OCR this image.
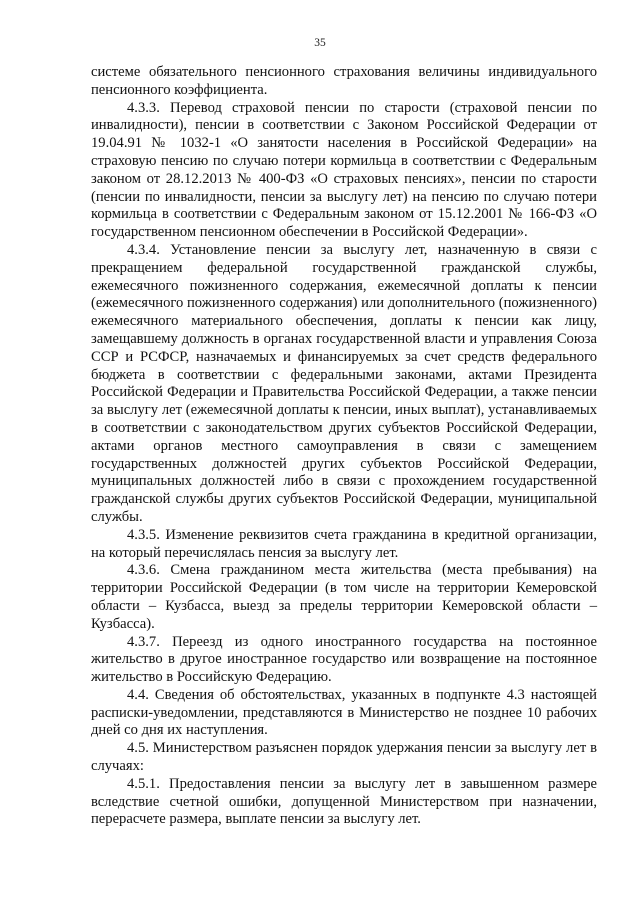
35

системе обязательного пенсионного страхования величины индивидуального пенсионного коэффициента.

4.3.3. Перевод страховой пенсии по старости (страховой пенсии по инвалидности), пенсии в соответствии с Законом Российской Федерации от 19.04.91 № 1032-1 «О занятости населения в Российской Федерации» на страховую пенсию по случаю потери кормильца в соответствии с Федеральным законом от 28.12.2013 № 400-ФЗ «О страховых пенсиях», пенсии по старости (пенсии по инвалидности, пенсии за выслугу лет) на пенсию по случаю потери кормильца в соответствии с Федеральным законом от 15.12.2001 № 166-ФЗ «О государственном пенсионном обеспечении в Российской Федерации».

4.3.4. Установление пенсии за выслугу лет, назначенную в связи с прекращением федеральной государственной гражданской службы, ежемесячного пожизненного содержания, ежемесячной доплаты к пенсии (ежемесячного пожизненного содержания) или дополнительного (пожизненного) ежемесячного материального обеспечения, доплаты к пенсии как лицу, замещавшему должность в органах государственной власти и управления Союза ССР и РСФСР, назначаемых и финансируемых за счет средств федерального бюджета в соответствии с федеральными законами, актами Президента Российской Федерации и Правительства Российской Федерации, а также пенсии за выслугу лет (ежемесячной доплаты к пенсии, иных выплат), устанавливаемых в соответствии с законодательством других субъектов Российской Федерации, актами органов местного самоуправления в связи с замещением государственных должностей других субъектов Российской Федерации, муниципальных должностей либо в связи с прохождением государственной гражданской службы других субъектов Российской Федерации, муниципальной службы.

4.3.5. Изменение реквизитов счета гражданина в кредитной организации, на который перечислялась пенсия за выслугу лет.

4.3.6. Смена гражданином места жительства (места пребывания) на территории Российской Федерации (в том числе на территории Кемеровской области – Кузбасса, выезд за пределы территории Кемеровской области – Кузбасса).

4.3.7. Переезд из одного иностранного государства на постоянное жительство в другое иностранное государство или возвращение на постоянное жительство в Российскую Федерацию.

4.4. Сведения об обстоятельствах, указанных в подпункте 4.3 настоящей расписки-уведомлении, представляются в Министерство не позднее 10 рабочих дней со дня их наступления.

4.5. Министерством разъяснен порядок удержания пенсии за выслугу лет в случаях:

4.5.1. Предоставления пенсии за выслугу лет в завышенном размере вследствие счетной ошибки, допущенной Министерством при назначении, перерасчете размера, выплате пенсии за выслугу лет.
